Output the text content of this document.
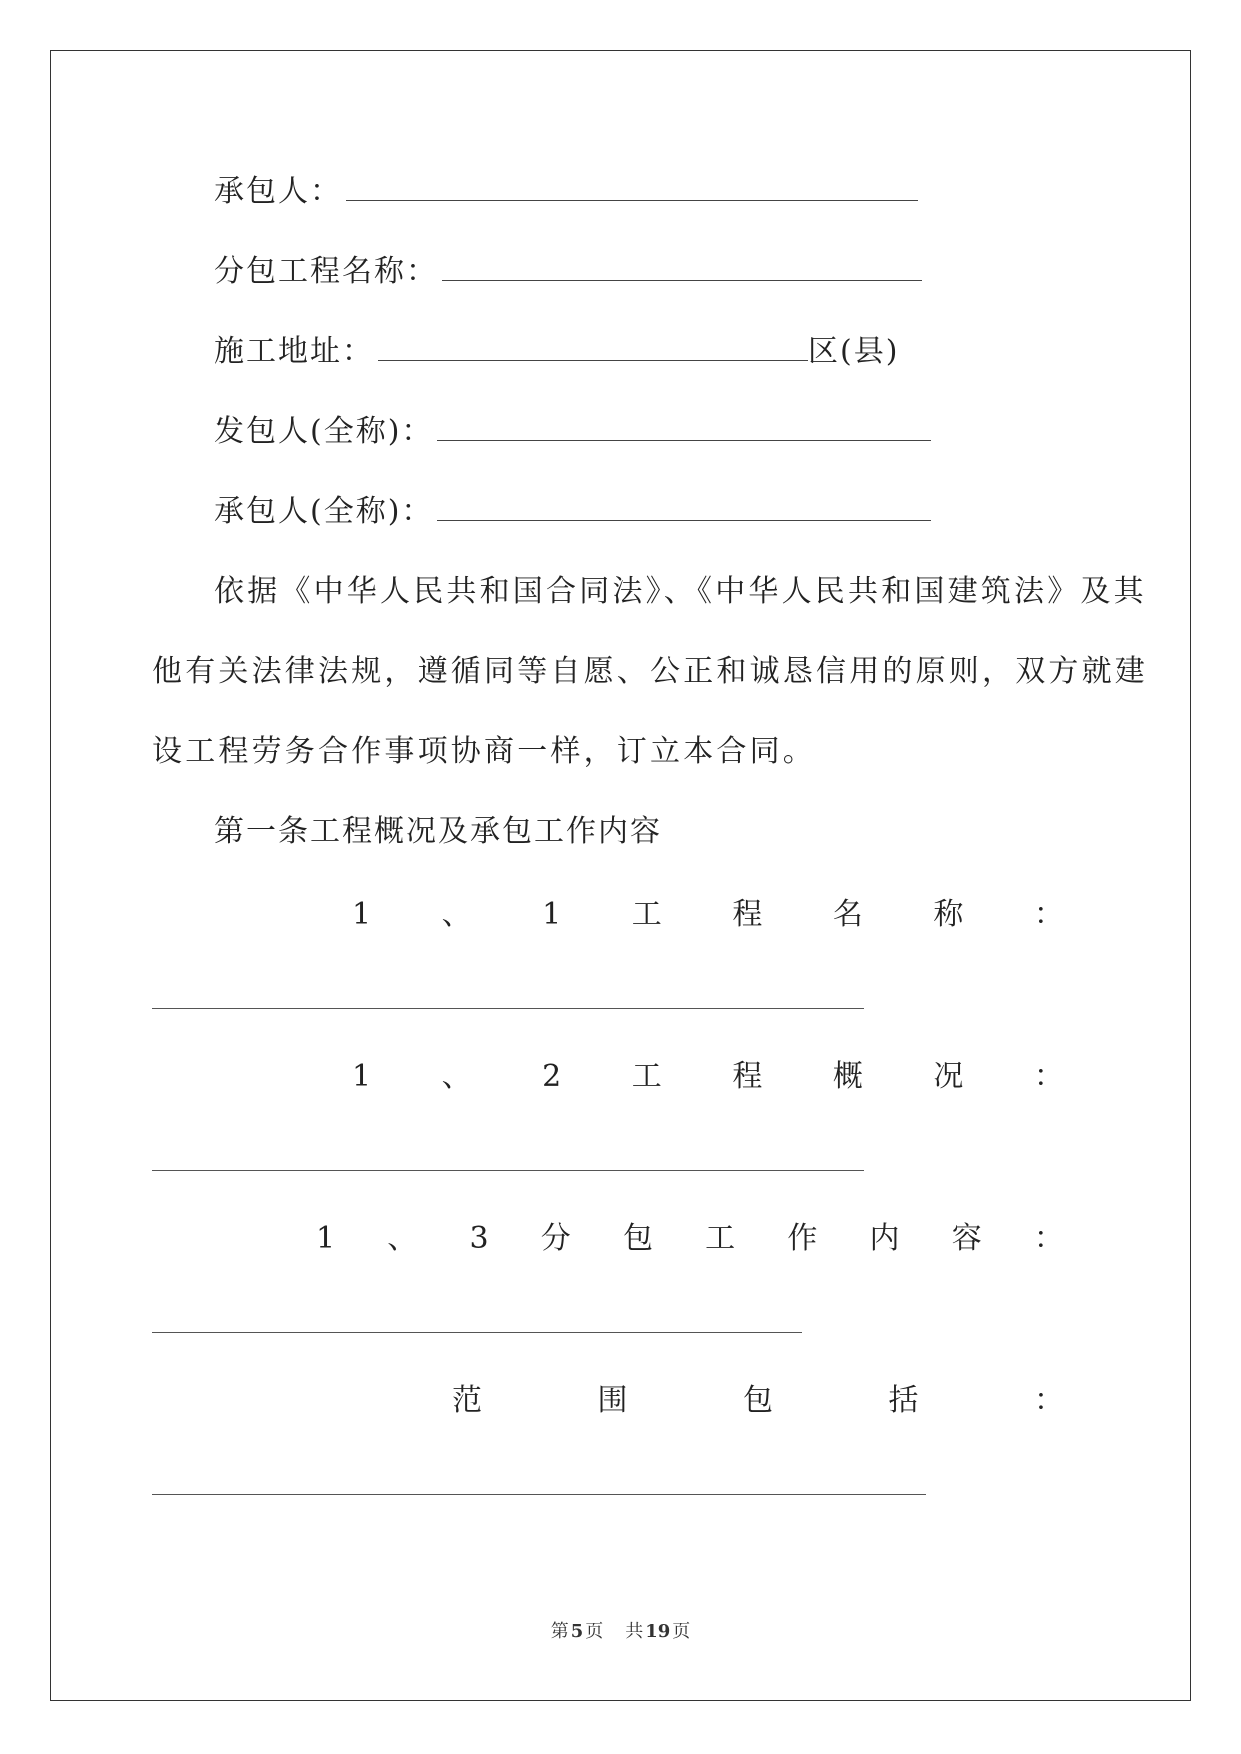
承包人：
分包工程名称：
施工地址：	区(县)
发包人(全称)：
承包人(全称)：
依据《中华人民共和国合同法》、《中华人民共和国建筑法》及其
他有关法律法规，遵循同等自愿、公正和诚恳信用的原则，双方就建
设工程劳务合作事项协商一样，订立本合同。
第一条工程概况及承包工作内容
1 、 1 工 程 名 称 ：
1 、 2 工 程 概 况 ：
1 、 3 分 包 工 作 内 容 ：
范	围	包	括	：
第 5 页 共 19 页
